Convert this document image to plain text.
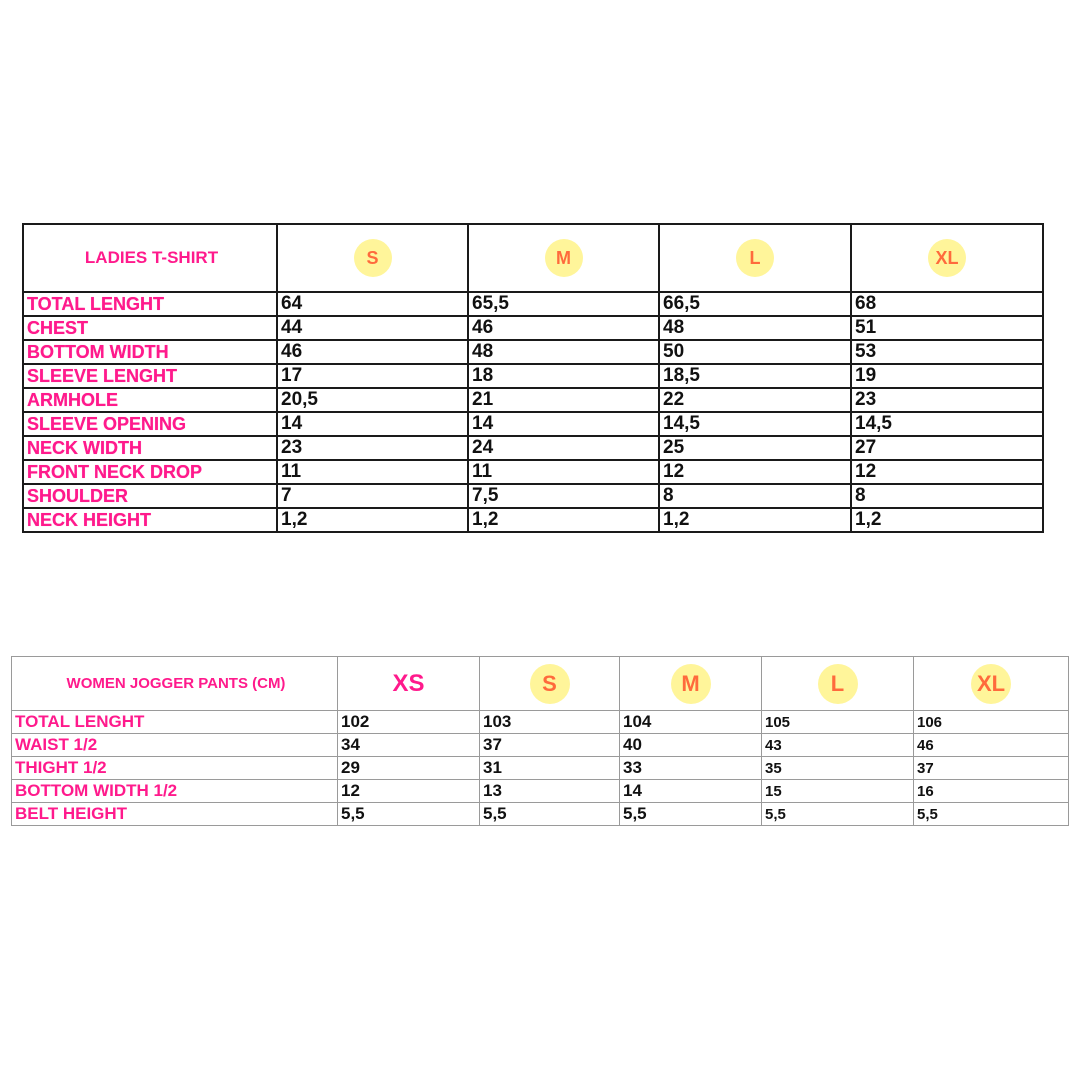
LADIES T-SHIRT	S	M	L	XL
TOTAL LENGHT	64	65,5	66,5	68
CHEST	44	46	48	51
BOTTOM WIDTH	46	48	50	53
SLEEVE LENGHT	17	18	18,5	19
ARMHOLE	20,5	21	22	23
SLEEVE OPENING	14	14	14,5	14,5
NECK WIDTH	23	24	25	27
FRONT NECK DROP	11	11	12	12
SHOULDER	7	7,5	8	8
NECK HEIGHT	1,2	1,2	1,2	1,2
WOMEN JOGGER PANTS (CM)	XS	S	M	L	XL
TOTAL LENGHT	102	103	104	105	106
WAIST 1/2	34	37	40	43	46
THIGHT 1/2	29	31	33	35	37
BOTTOM WIDTH 1/2	12	13	14	15	16
BELT HEIGHT	5,5	5,5	5,5	5,5	5,5
